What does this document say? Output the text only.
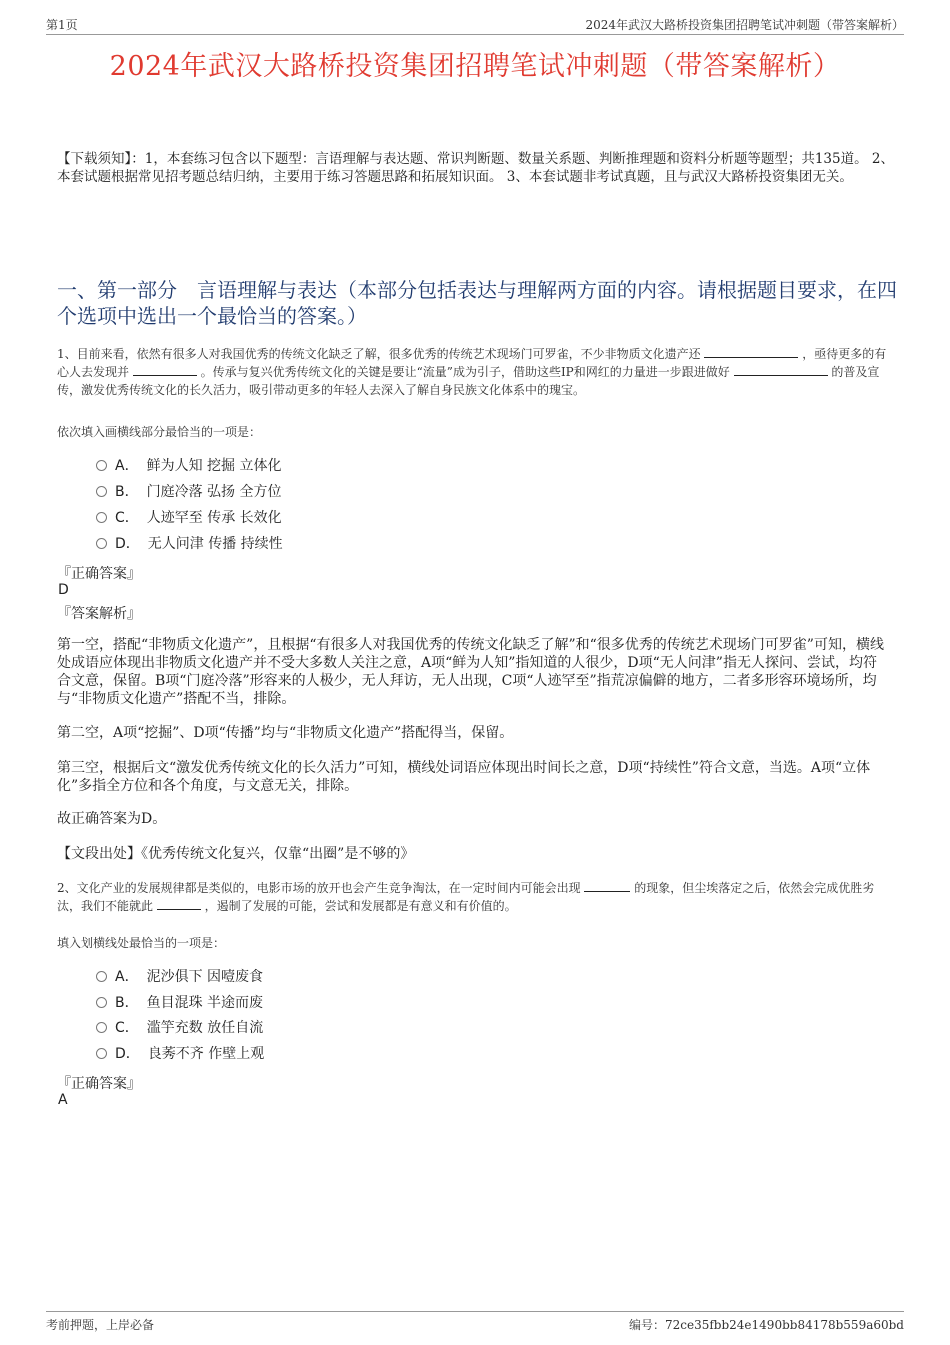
第1页	2024年武汉大路桥投资集团招聘笔试冲刺题（带答案解析）
2024年武汉大路桥投资集团招聘笔试冲刺题（带答案解析）
【下载须知】：1，本套练习包含以下题型：言语理解与表达题、常识判断题、数量关系题、判断推理题和资料分析题等题型；共135道。 2、本套试题根据常见招考题总结归纳，主要用于练习答题思路和拓展知识面。 3、本套试题非考试真题，且与武汉大路桥投资集团无关。
一、第一部分　言语理解与表达（本部分包括表达与理解两方面的内容。请根据题目要求，在四个选项中选出一个最恰当的答案。）
1、目前来看，依然有很多人对我国优秀的传统文化缺乏了解，很多优秀的传统艺术现场门可罗雀，不少非物质文化遗产还	，亟待更多的有心人去发现并	。传承与复兴优秀传统文化的关键是要让“流量”成为引子，借助这些IP和网红的力量进一步跟进做好	的普及宣传，激发优秀传统文化的长久活力，吸引带动更多的年轻人去深入了解自身民族文化体系中的瑰宝。
依次填入画横线部分最恰当的一项是：
A． 鲜为人知 挖掘 立体化
B． 门庭冷落 弘扬 全方位
C． 人迹罕至 传承 长效化
D． 无人问津 传播 持续性
『正确答案』
D
『答案解析』
第一空，搭配“非物质文化遗产”，且根据“有很多人对我国优秀的传统文化缺乏了解”和“很多优秀的传统艺术现场门可罗雀”可知，横线处成语应体现出非物质文化遗产并不受大多数人关注之意，A项“鲜为人知”指知道的人很少，D项“无人问津”指无人探问、尝试，均符合文意，保留。B项“门庭冷落”形容来的人极少，无人拜访，无人出现，C项“人迹罕至”指荒凉偏僻的地方，二者多形容环境场所，均与“非物质文化遗产”搭配不当，排除。
第二空，A项“挖掘”、D项“传播”均与“非物质文化遗产”搭配得当，保留。
第三空，根据后文“激发优秀传统文化的长久活力”可知，横线处词语应体现出时间长之意，D项“持续性”符合文意，当选。A项“立体化”多指全方位和各个角度，与文意无关，排除。
故正确答案为D。
【文段出处】《优秀传统文化复兴，仅靠“出圈”是不够的》
2、文化产业的发展规律都是类似的，电影市场的放开也会产生竞争淘汰，在一定时间内可能会出现	的现象，但尘埃落定之后，依然会完成优胜劣汰，我们不能就此	，遏制了发展的可能，尝试和发展都是有意义和有价值的。
填入划横线处最恰当的一项是：
A． 泥沙俱下 因噎废食
B． 鱼目混珠 半途而废
C． 滥竽充数 放任自流
D． 良莠不齐 作壁上观
『正确答案』
A
考前押题，上岸必备	编号：72ce35fbb24e1490bb84178b559a60bd
